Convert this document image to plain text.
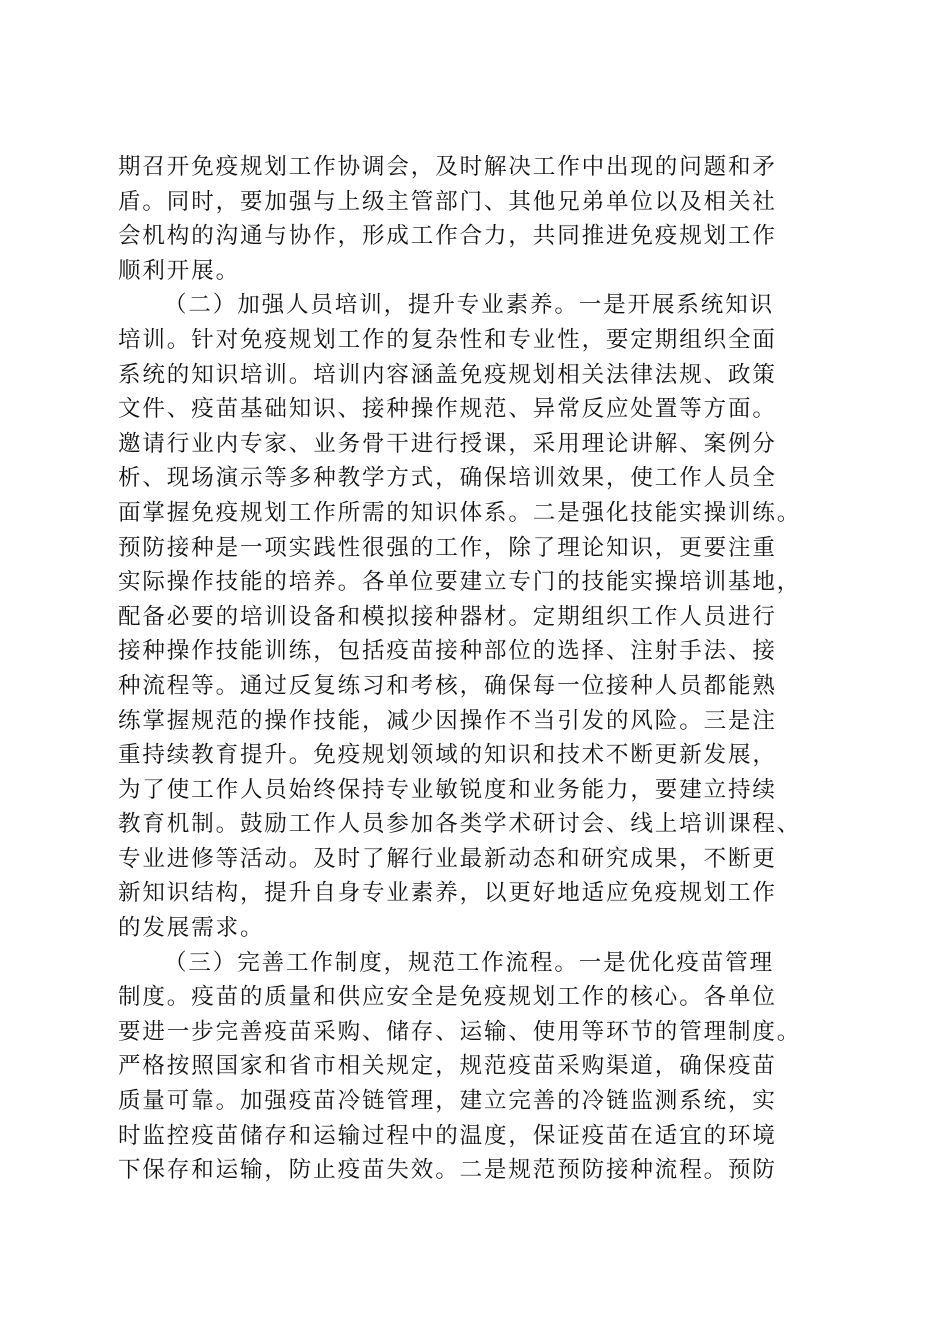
期召开免疫规划工作协调会，及时解决工作中出现的问题和矛
盾。同时，要加强与上级主管部门、其他兄弟单位以及相关社
会机构的沟通与协作，形成工作合力，共同推进免疫规划工作
顺利开展。
（二）加强人员培训，提升专业素养。一是开展系统知识
培训。针对免疫规划工作的复杂性和专业性，要定期组织全面
系统的知识培训。培训内容涵盖免疫规划相关法律法规、政策
文件、疫苗基础知识、接种操作规范、异常反应处置等方面。
邀请行业内专家、业务骨干进行授课，采用理论讲解、案例分
析、现场演示等多种教学方式，确保培训效果，使工作人员全
面掌握免疫规划工作所需的知识体系。二是强化技能实操训练。
预防接种是一项实践性很强的工作，除了理论知识，更要注重
实际操作技能的培养。各单位要建立专门的技能实操培训基地，
配备必要的培训设备和模拟接种器材。定期组织工作人员进行
接种操作技能训练，包括疫苗接种部位的选择、注射手法、接
种流程等。通过反复练习和考核，确保每一位接种人员都能熟
练掌握规范的操作技能，减少因操作不当引发的风险。三是注
重持续教育提升。免疫规划领域的知识和技术不断更新发展，
为了使工作人员始终保持专业敏锐度和业务能力，要建立持续
教育机制。鼓励工作人员参加各类学术研讨会、线上培训课程、
专业进修等活动。及时了解行业最新动态和研究成果，不断更
新知识结构，提升自身专业素养，以更好地适应免疫规划工作
的发展需求。
（三）完善工作制度，规范工作流程。一是优化疫苗管理
制度。疫苗的质量和供应安全是免疫规划工作的核心。各单位
要进一步完善疫苗采购、储存、运输、使用等环节的管理制度。
严格按照国家和省市相关规定，规范疫苗采购渠道，确保疫苗
质量可靠。加强疫苗冷链管理，建立完善的冷链监测系统，实
时监控疫苗储存和运输过程中的温度，保证疫苗在适宜的环境
下保存和运输，防止疫苗失效。二是规范预防接种流程。预防
